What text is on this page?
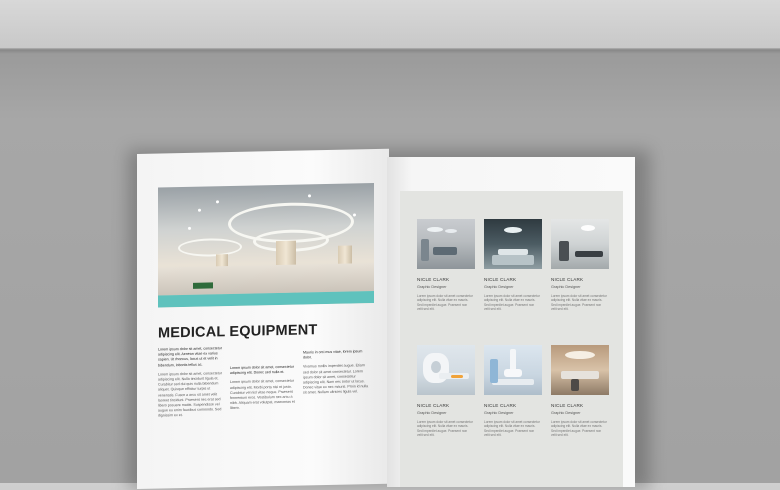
MEDICAL EQUIPMENT
Lorem ipsum dolor sit amet, consectetur adipiscing elit. Aenean vitae ex varius sapien. Ut rhoncus, lacus ut et velit in bibendum, lobortis tellus ac.
Lorem ipsum dolor sit amet, consectetur adipiscing elit. Nulla tincidunt ligula et. Curabitur sed dui quis nulla bibendum aliquet. Quisque efficitur turpis ut venenatis. Fusce a arcu sit amet velit laoreet tincidunt. Praesent nec erat sed libero posuere mattis. Suspendisse vel augue eu enim faucibus commodo. Sed dignissim ex et.
Lorem ipsum dolor sit amet, consectetur adipiscing elit. Donec sed nulla et.
Lorem ipsum dolor sit amet, consectetur adipiscing elit. Morbi porta nisi et justo. Curabitur vel nisl vitae neque. Praesent fermentum eros. Vestibulum nec arcu a nibh. Aliquam erat volutpat, maecenas et libero.
Mauris in orci mus vitae, lorem ipsum dolor.
Vivamus mollis imperdiet augue. Etiam sed dolor sit amet consectetur. Lorem ipsum dolor sit amet, consectetur adipiscing elit. Nam nec tortor ut lacus. Donec vitae ex nec mauris. Proin id nulla sit amet. Nullam ultricies ligula vel.
NICLE CLARK
Graphic Designer
Lorem ipsum dolor sit amet consectetur adipiscing elit. Nulla vitae ex mauris. Sed imperdiet augue. Praesent non velit sed elit.
NICLE CLARK
Graphic Designer
Lorem ipsum dolor sit amet consectetur adipiscing elit. Nulla vitae ex mauris. Sed imperdiet augue. Praesent non velit sed elit.
NICLE CLARK
Graphic Designer
Lorem ipsum dolor sit amet consectetur adipiscing elit. Nulla vitae ex mauris. Sed imperdiet augue. Praesent non velit sed elit.
NICLE CLARK
Graphic Designer
Lorem ipsum dolor sit amet consectetur adipiscing elit. Nulla vitae ex mauris. Sed imperdiet augue. Praesent non velit sed elit.
NICLE CLARK
Graphic Designer
Lorem ipsum dolor sit amet consectetur adipiscing elit. Nulla vitae ex mauris. Sed imperdiet augue. Praesent non velit sed elit.
NICLE CLARK
Graphic Designer
Lorem ipsum dolor sit amet consectetur adipiscing elit. Nulla vitae ex mauris. Sed imperdiet augue. Praesent non velit sed elit.
